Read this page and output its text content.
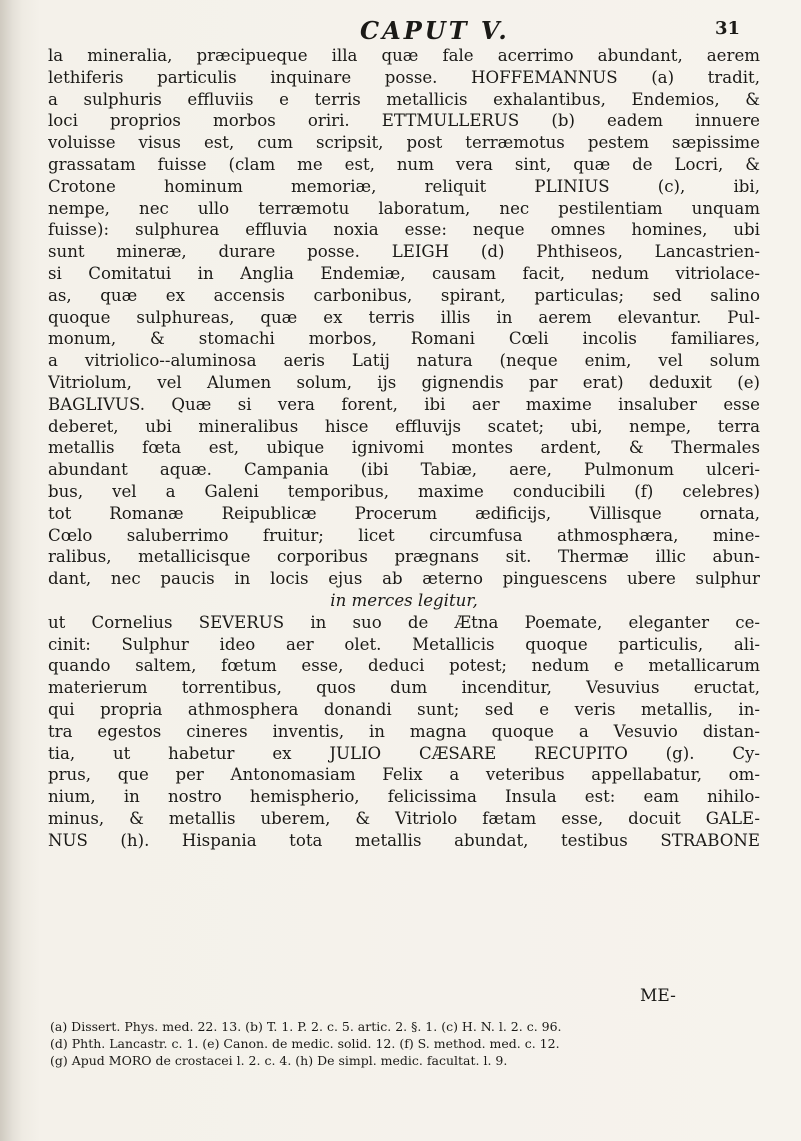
CAPUT V.	31
la mineralia, præcipueque illa quæ fale acerrimo abundant, aerem
lethiferis particulis inquinare posse. HOFFEMANNUS (a) tradit,
a sulphuris effluviis e terris metallicis exhalantibus, Endemios, &
loci proprios morbos oriri. ETTMULLERUS (b) eadem innuere
voluisse visus est, cum scripsit, post terræmotus pestem sæpissime
grassatam fuisse (clam me est, num vera sint, quæ de Locri, &
Crotone hominum memoriæ, reliquit PLINIUS (c), ibi,
nempe, nec ullo terræmotu laboratum, nec pestilentiam unquam
fuisse): sulphurea effluvia noxia esse: neque omnes homines, ubi
sunt mineræ, durare posse. LEIGH (d) Phthiseos, Lancastrien-
si Comitatui in Anglia Endemiæ, causam facit, nedum vitriolace-
as, quæ ex accensis carbonibus, spirant, particulas; sed salino
quoque sulphureas, quæ ex terris illis in aerem elevantur. Pul-
monum, & stomachi morbos, Romani Cœli incolis familiares,
a vitriolico--aluminosa aeris Latij natura (neque enim, vel solum
Vitriolum, vel Alumen solum, ijs gignendis par erat) deduxit (e)
BAGLIVUS. Quæ si vera forent, ibi aer maxime insaluber esse
deberet, ubi mineralibus hisce effluvijs scatet; ubi, nempe, terra
metallis fœta est, ubique ignivomi montes ardent, & Thermales
abundant aquæ. Campania (ibi Tabiæ, aere, Pulmonum ulceri-
bus, vel a Galeni temporibus, maxime conducibili (f) celebres)
tot Romanæ Reipublicæ Procerum ædificijs, Villisque ornata,
Cœlo saluberrimo fruitur; licet circumfusa athmosphæra, mine-
ralibus, metallicisque corporibus prægnans sit. Thermæ illic abun-
dant, nec paucis in locis ejus ab æterno pinguescens ubere sulphur
in merces legitur,
ut Cornelius SEVERUS in suo de Ætna Poemate, eleganter ce-
cinit: Sulphur ideo aer olet. Metallicis quoque particulis, ali-
quando saltem, fœtum esse, deduci potest; nedum e metallicarum
materierum torrentibus, quos dum incenditur, Vesuvius eructat,
qui propria athmosphera donandi sunt; sed e veris metallis, in-
tra egestos cineres inventis, in magna quoque a Vesuvio distan-
tia, ut habetur ex JULIO CÆSARE RECUPITO (g). Cy-
prus, que per Antonomasiam Felix a veteribus appellabatur, om-
nium, in nostro hemispherio, felicissima Insula est: eam nihilo-
minus, & metallis uberem, & Vitriolo fætam esse, docuit GALE-
NUS (h). Hispania tota metallis abundat, testibus STRABONE
ME-
(a) Dissert. Phys. med. 22. 13. (b) T. 1. P. 2. c. 5. artic. 2. §. 1. (c) H. N. l. 2. c. 96.
(d) Phth. Lancastr. c. 1. (e) Canon. de medic. solid. 12. (f) S. method. med. c. 12.
(g) Apud MORO de crostacei l. 2. c. 4. (h) De simpl. medic. facultat. l. 9.
